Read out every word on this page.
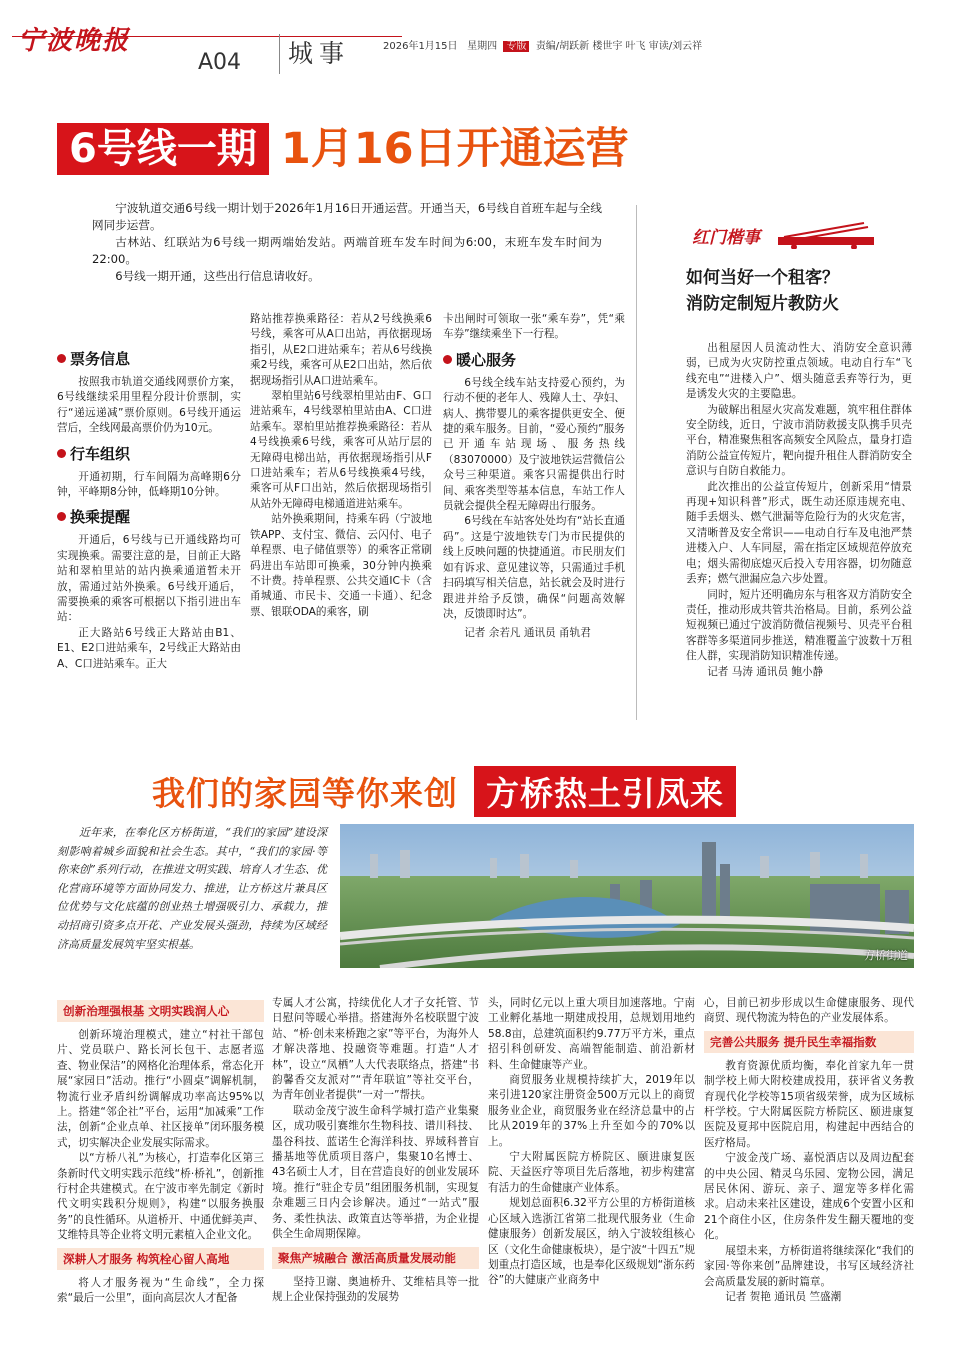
宁波晚报
A04 城事	2026年1月15日 星期四 专版 责编/胡跃新 楼世宇 叶飞 审读/刘云祥
6号线一期 1月16日开通运营

宁波轨道交通6号线一期计划于2026年1月16日开通运营。开通当天，6号线自首班车起与全线网同步运营。

古林站、红联站为6号线一期两端始发站。两端首班车发车时间为6:00，末班车发车时间为22:00。

6号线一期开通，这些出行信息请收好。

票务信息

按照我市轨道交通线网票价方案，6号线继续采用里程分段计价票制，实行“递远递减”票价原则。6号线开通运营后，全线网最高票价仍为10元。

行车组织

开通初期，行车间隔为高峰期6分钟，平峰期8分钟，低峰期10分钟。

换乘提醒

开通后，6号线与已开通线路均可实现换乘。需要注意的是，目前正大路站和翠柏里站的站内换乘通道暂未开放，需通过站外换乘。6号线开通后，需要换乘的乘客可根据以下指引进出车站：

正大路站6号线正大路站由B1、E1、E2口进站乘车，2号线正大路站由A、C口进站乘车。正大

路站推荐换乘路径：若从2号线换乘6号线，乘客可从A口出站，再依据现场指引，从E2口进站乘车；若从6号线换乘2号线，乘客可从E2口出站，然后依据现场指引从A口进站乘车。

翠柏里站6号线翠柏里站由F、G口进站乘车，4号线翠柏里站由A、C口进站乘车。翠柏里站推荐换乘路径：若从4号线换乘6号线，乘客可从站厅层的无障碍电梯出站，再依据现场指引从F口进站乘车；若从6号线换乘4号线，乘客可从F口出站，然后依据现场指引从站外无障碍电梯通道进站乘车。

站外换乘期间，持乘车码（宁波地铁APP、支付宝、微信、云闪付、电子单程票、电子储值票等）的乘客正常刷码进出车站即可换乘，30分钟内换乘不计费。持单程票、公共交通IC卡（含甬城通、市民卡、交通一卡通）、纪念票、银联ODA的乘客，刷

卡出闸时可领取一张“乘车券”，凭“乘车券”继续乘坐下一行程。

暖心服务

6号线全线车站支持爱心预约，为行动不便的老年人、残障人士、孕妇、病人、携带婴儿的乘客提供更安全、便捷的乘车服务。目前，“爱心预约”服务已开通车站现场、服务热线（83070000）及宁波地铁运营微信公众号三种渠道。乘客只需提供出行时间、乘客类型等基本信息，车站工作人员就会提供全程无障碍出行服务。

6号线在车站客处处均有“站长直通码”。这是宁波地铁专门为市民提供的线上反映问题的快捷通道。市民朋友们如有诉求、意见建议等，只需通过手机扫码填写相关信息，站长就会及时进行跟进并给予反馈，确保“问题高效解决，反馈即时达”。

记者 余若凡 通讯员 甬轨君

红门楷事
如何当好一个租客？
消防定制短片教防火

出租屋因人员流动性大、消防安全意识薄弱，已成为火灾防控重点领域。电动自行车“飞线充电”“进楼入户”、烟头随意丢弃等行为，更是诱发火灾的主要隐患。

为破解出租屋火灾高发难题，筑牢租住群体安全防线，近日，宁波市消防救援支队携手贝壳平台，精准聚焦租客高频安全风险点，量身打造消防公益宣传短片，靶向提升租住人群消防安全意识与自防自救能力。

此次推出的公益宣传短片，创新采用“情景再现+知识科普”形式，既生动还原违规充电、随手丢烟头、燃气泄漏等危险行为的火灾危害，又清晰普及安全常识——电动自行车及电池严禁进楼入户、人车同屋，需在指定区域规范停放充电；烟头需彻底熄灭后投入专用容器，切勿随意丢弃；燃气泄漏应急六步处置。

同时，短片还明确房东与租客双方消防安全责任，推动形成共管共治格局。目前，系列公益短视频已通过宁波消防微信视频号、贝壳平台租客群等多渠道同步推送，精准覆盖宁波数十万租住人群，实现消防知识精准传递。

记者 马涛 通讯员 鲍小静

我们的家园等你来创 方桥热土引凤来

近年来，在奉化区方桥街道，“我们的家园”建设深刻影响着城乡面貌和社会生态。其中，“我们的家园·等你来创”系列行动，在推进文明实践、培育人才生态、优化营商环境等方面协同发力、推进，让方桥这片兼具区位优势与文化底蕴的创业热土增强吸引力、承载力，推动招商引资多点开花、产业发展头强劲，持续为区域经济高质量发展筑牢坚实根基。

方桥街道
创新治理强根基 文明实践润人心

创新环境治理模式，建立“村社干部包片、党员联户、路长河长包干、志愿者巡查、物业保洁”的网格化治理体系，常态化开展“家园日”活动。推行“小圆桌”调解机制，物流行业矛盾纠纷调解成功率高达95%以上。搭建“邻企社”平台，运用“加减乘”工作法，创新“企业点单、社区接单”闭环服务模式，切实解决企业发展实际需求。

以“方桥八礼”为核心，打造奉化区第三条新时代文明实践示范线“桥·桥礼”，创新推行村企共建模式。在宁波市率先制定《新时代文明实践积分规则》，构建“以服务换服务”的良性循环。从道桥开、中通优鲜美声、艾维特具等企业将文明元素植入企业文化。

深耕人才服务 构筑栓心留人高地

将人才服务视为“生命线”，全力探索“最后一公里”，面向高层次人才配备

专属人才公寓，持续优化人才子女托管、节日慰问等暖心举措。搭建海外名校联盟宁波站、“桥·创未来桥跑之家”等平台，为海外人才解决落地、投融资等难题。打造“人才林”，设立“凤栖”人大代表联络点，搭建“书韵馨香交友派对”“青年联谊”等社交平台，为青年创业者提供“一对一”帮扶。

联动金茂宁波生命科学城打造产业集聚区，成功吸引赛维尔生物科技、谱川科技、墨谷科技、蓝诺生仑海洋科技、界域科普盲播基地等优质项目落户，集聚10名博士、43名硕士人才，目在营造良好的创业发展环境。推行“驻企专员”组团服务机制，实现复杂难题三日内会诊解决。通过“一站式”服务、柔性执法、政策直达等举措，为企业提供全生命周期保障。

聚焦产城融合 激活高质量发展动能

坚持卫谢、奥迪桥升、艾维桔具等一批规上企业保持强劲的发展势

头，同时亿元以上重大项目加速落地。宁南工业孵化基地一期建成投用，总规划用地约58.8亩，总建筑面积约9.77万平方米，重点招引科创研发、高端智能制造、前沿新材料、生命健康等产业。

商贸服务业规模持续扩大，2019年以来引进120家注册资金500万元以上的商贸服务业企业，商贸服务业在经济总量中的占比从2019年的37%上升至如今的70%以上。

宁大附属医院方桥院区、颐进康复医院、天益医疗等项目先后落地，初步构建富有活力的生命健康产业体系。

规划总面积6.32平方公里的方桥街道核心区域入选浙江省第二批现代服务业（生命健康服务）创新发展区，纳入宁波较组核心区（文化生命健康板块），是宁波“十四五”规划重点打造区域，也是奉化区级规划“浙东药谷”的大健康产业商务中

心，目前已初步形成以生命健康服务、现代商贸、现代物流为特色的产业发展体系。

完善公共服务 提升民生幸福指数

教育资源优质均衡，奉化首家九年一贯制学校上师大附校建成投用，获评省义务教育现代化学校等15项省级荣誉，成为区域标杆学校。宁大附属医院方桥院区、颐进康复医院及夏邦中医院启用，构建起中西结合的医疗格局。

宁波金茂广场、嘉悦酒店以及周边配套的中央公园、精灵乌乐园、宠物公园，满足居民休闲、游玩、亲子、遛宠等多样化需求。启动未来社区建设，建成6个安置小区和21个商住小区，住房条件发生翻天覆地的变化。

展望未来，方桥街道将继续深化“我们的家园·等你来创”品牌建设，书写区域经济社会高质量发展的新时篇章。

记者 贺艳 通讯员 竺盛潮
